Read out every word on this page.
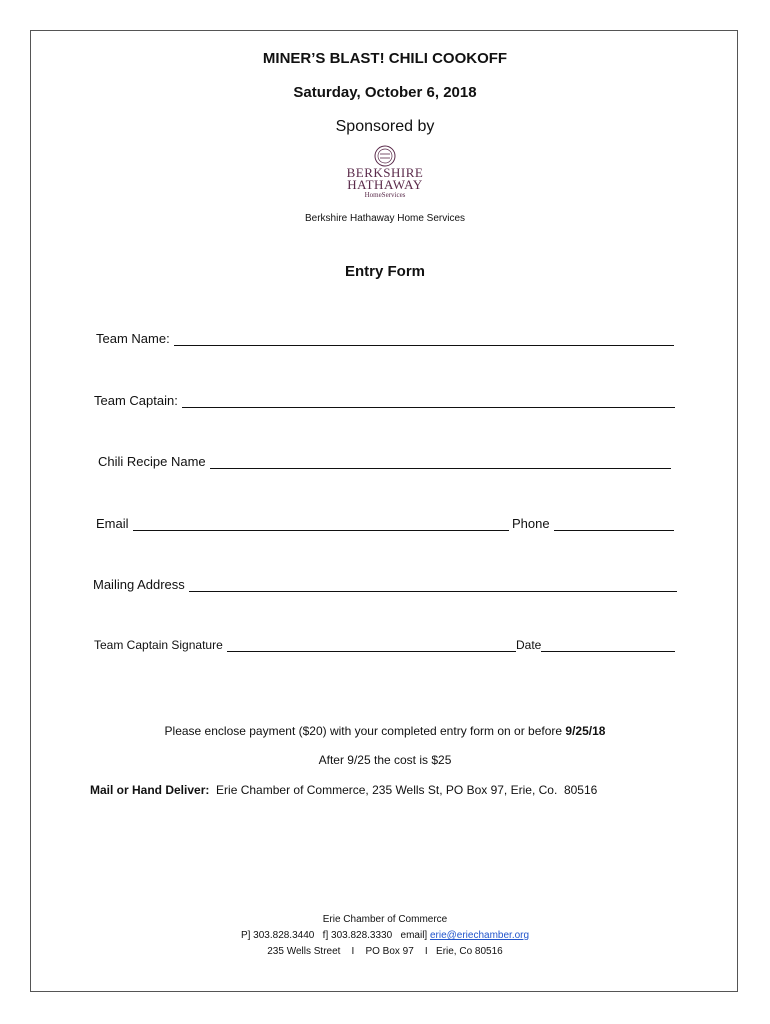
MINER’S BLAST! CHILI COOKOFF
Saturday, October 6, 2018
Sponsored by
BERKSHIRE
HATHAWAY
HomeServices
Berkshire Hathaway Home Services
Entry Form
Team Name:
Team Captain:
Chili Recipe Name
Email	Phone
Mailing Address
Team Captain Signature	Date
Please enclose payment ($20) with your completed entry form on or before 9/25/18
After 9/25 the cost is $25
Mail or Hand Deliver:  Erie Chamber of Commerce, 235 Wells St, PO Box 97, Erie, Co.  80516
Erie Chamber of Commerce
P] 303.828.3440   f] 303.828.3330   email] erie@eriechamber.org
235 Wells Street    I    PO Box 97    I   Erie, Co 80516
